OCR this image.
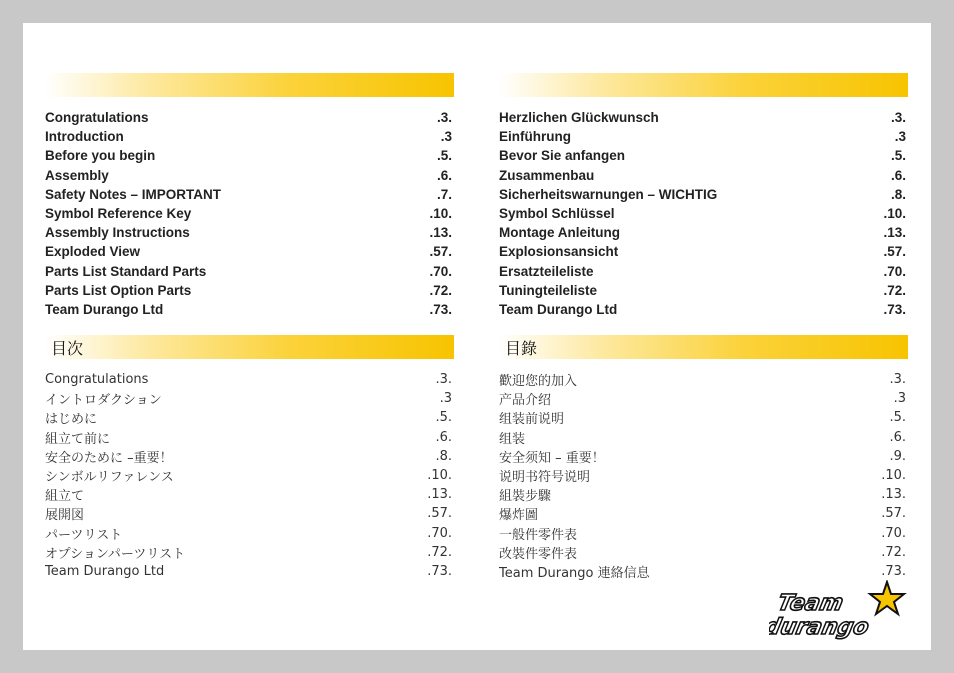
Congratulations	.3.
Introduction	.3
Before you begin	.5.
Assembly	.6.
Safety Notes – IMPORTANT	.7.
Symbol Reference Key	.10.
Assembly Instructions	.13.
Exploded View	.57.
Parts List Standard Parts	.70.
Parts List Option Parts	.72.
Team Durango Ltd	.73.
Herzlichen Glückwunsch	.3.
Einführung	.3
Bevor Sie anfangen	.5.
Zusammenbau	.6.
Sicherheitswarnungen – WICHTIG	.8.
Symbol Schlüssel	.10.
Montage Anleitung	.13.
Explosionsansicht	.57.
Ersatzteileliste	.70.
Tuningteileliste	.72.
Team Durango Ltd	.73.
目次
Congratulations	.3.
イントロダクション	.3
はじめに	.5.
組立て前に	.6.
安全のために –重要！	.8.
シンボルリファレンス	.10.
組立て	.13.
展開図	.57.
パーツリスト	.70.
オプションパーツリスト	.72.
Team Durango Ltd	.73.
目錄
歡迎您的加入	.3.
产品介绍	.3
组装前说明	.5.
组装	.6.
安全须知 – 重要！	.9.
说明书符号说明	.10.
組裝步驟	.13.
爆炸圖	.57.
一般件零件表	.70.
改裝件零件表	.72.
Team Durango 連絡信息	.73.
Team
durango
